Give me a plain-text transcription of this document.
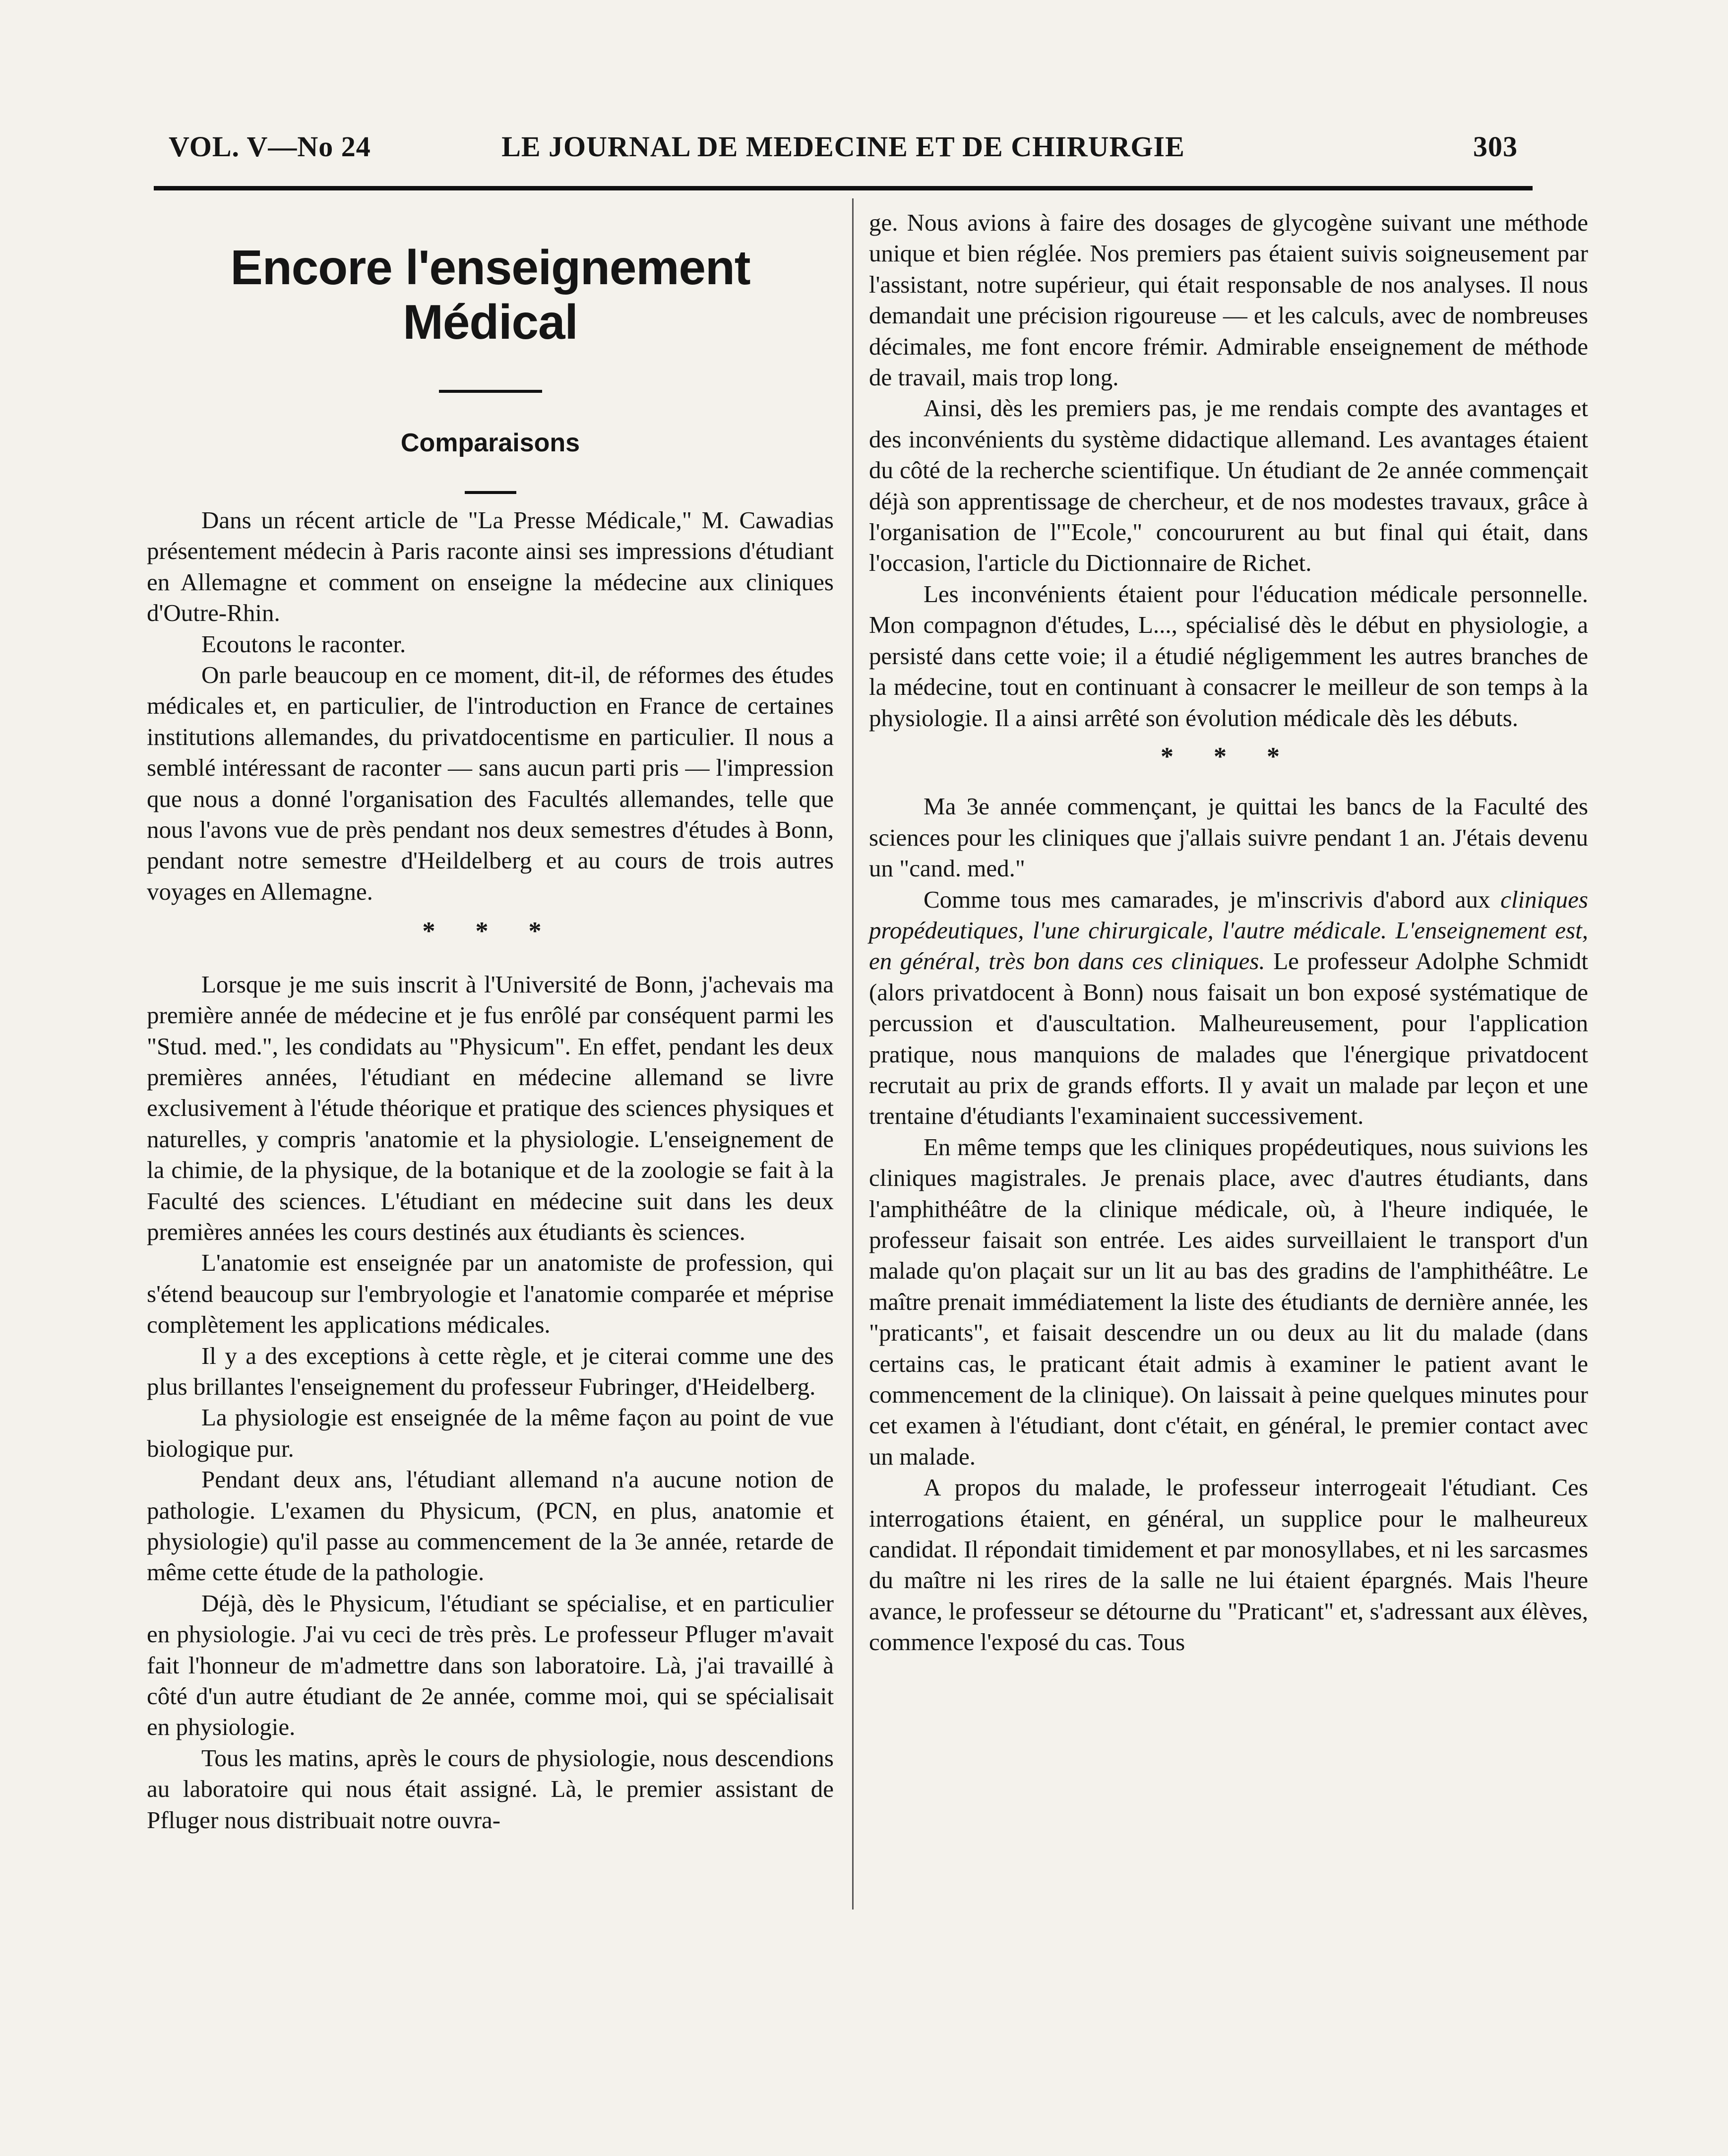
VOL. V—No 24	LE JOURNAL DE MEDECINE ET DE CHIRURGIE	303
Encore l'enseignement Médical
Comparaisons

Dans un récent article de "La Presse Médicale," M. Cawadias présentement médecin à Paris raconte ainsi ses impressions d'étudiant en Allemagne et comment on enseigne la médecine aux cliniques d'Outre-Rhin.

Ecoutons le raconter.

On parle beaucoup en ce moment, dit-il, de réformes des études médicales et, en particulier, de l'introduction en France de certaines institutions allemandes, du privatdocentisme en particulier. Il nous a semblé intéressant de raconter — sans aucun parti pris — l'impression que nous a donné l'organisation des Facultés allemandes, telle que nous l'avons vue de près pendant nos deux semestres d'études à Bonn, pendant notre semestre d'Heildelberg et au cours de trois autres voyages en Allemagne.

* * *

Lorsque je me suis inscrit à l'Université de Bonn, j'achevais ma première année de médecine et je fus enrôlé par conséquent parmi les "Stud. med.", les condidats au "Physicum". En effet, pendant les deux premières années, l'étudiant en médecine allemand se livre exclusivement à l'étude théorique et pratique des sciences physiques et naturelles, y compris 'anatomie et la physiologie. L'enseignement de la chimie, de la physique, de la botanique et de la zoologie se fait à la Faculté des sciences. L'étudiant en médecine suit dans les deux premières années les cours destinés aux étudiants ès sciences.

L'anatomie est enseignée par un anatomiste de profession, qui s'étend beaucoup sur l'embryologie et l'anatomie comparée et méprise complètement les applications médicales.

Il y a des exceptions à cette règle, et je citerai comme une des plus brillantes l'enseignement du professeur Fubringer, d'Heidelberg.

La physiologie est enseignée de la même façon au point de vue biologique pur.

Pendant deux ans, l'étudiant allemand n'a aucune notion de pathologie. L'examen du Physicum, (PCN, en plus, anatomie et physiologie) qu'il passe au commencement de la 3e année, retarde de même cette étude de la pathologie.

Déjà, dès le Physicum, l'étudiant se spécialise, et en particulier en physiologie. J'ai vu ceci de très près. Le professeur Pfluger m'avait fait l'honneur de m'admettre dans son laboratoire. Là, j'ai travaillé à côté d'un autre étudiant de 2e année, comme moi, qui se spécialisait en physiologie.

Tous les matins, après le cours de physiologie, nous descendions au laboratoire qui nous était assigné. Là, le premier assistant de Pfluger nous distribuait notre ouvra-

ge. Nous avions à faire des dosages de glycogène suivant une méthode unique et bien réglée. Nos premiers pas étaient suivis soigneusement par l'assistant, notre supérieur, qui était responsable de nos analyses. Il nous demandait une précision rigoureuse — et les calculs, avec de nombreuses décimales, me font encore frémir. Admirable enseignement de méthode de travail, mais trop long.

Ainsi, dès les premiers pas, je me rendais compte des avantages et des inconvénients du système didactique allemand. Les avantages étaient du côté de la recherche scientifique. Un étudiant de 2e année commençait déjà son apprentissage de chercheur, et de nos modestes travaux, grâce à l'organisation de l'"Ecole," concoururent au but final qui était, dans l'occasion, l'article du Dictionnaire de Richet.

Les inconvénients étaient pour l'éducation médicale personnelle. Mon compagnon d'études, L..., spécialisé dès le début en physiologie, a persisté dans cette voie; il a étudié négligemment les autres branches de la médecine, tout en continuant à consacrer le meilleur de son temps à la physiologie. Il a ainsi arrêté son évolution médicale dès les débuts.

* * *

Ma 3e année commençant, je quittai les bancs de la Faculté des sciences pour les cliniques que j'allais suivre pendant 1 an. J'étais devenu un "cand. med."

Comme tous mes camarades, je m'inscrivis d'abord aux cliniques propédeutiques, l'une chirurgicale, l'autre médicale. L'enseignement est, en général, très bon dans ces cliniques. Le professeur Adolphe Schmidt (alors privatdocent à Bonn) nous faisait un bon exposé systématique de percussion et d'auscultation. Malheureusement, pour l'application pratique, nous manquions de malades que l'énergique privatdocent recrutait au prix de grands efforts. Il y avait un malade par leçon et une trentaine d'étudiants l'examinaient successivement.

En même temps que les cliniques propédeutiques, nous suivions les cliniques magistrales. Je prenais place, avec d'autres étudiants, dans l'amphithéâtre de la clinique médicale, où, à l'heure indiquée, le professeur faisait son entrée. Les aides surveillaient le transport d'un malade qu'on plaçait sur un lit au bas des gradins de l'amphithéâtre. Le maître prenait immédiatement la liste des étudiants de dernière année, les "praticants", et faisait descendre un ou deux au lit du malade (dans certains cas, le praticant était admis à examiner le patient avant le commencement de la clinique). On laissait à peine quelques minutes pour cet examen à l'étudiant, dont c'était, en général, le premier contact avec un malade.

A propos du malade, le professeur interrogeait l'étudiant. Ces interrogations étaient, en général, un supplice pour le malheureux candidat. Il répondait timidement et par monosyllabes, et ni les sarcasmes du maître ni les rires de la salle ne lui étaient épargnés. Mais l'heure avance, le professeur se détourne du "Praticant" et, s'adressant aux élèves, commence l'exposé du cas. Tous
